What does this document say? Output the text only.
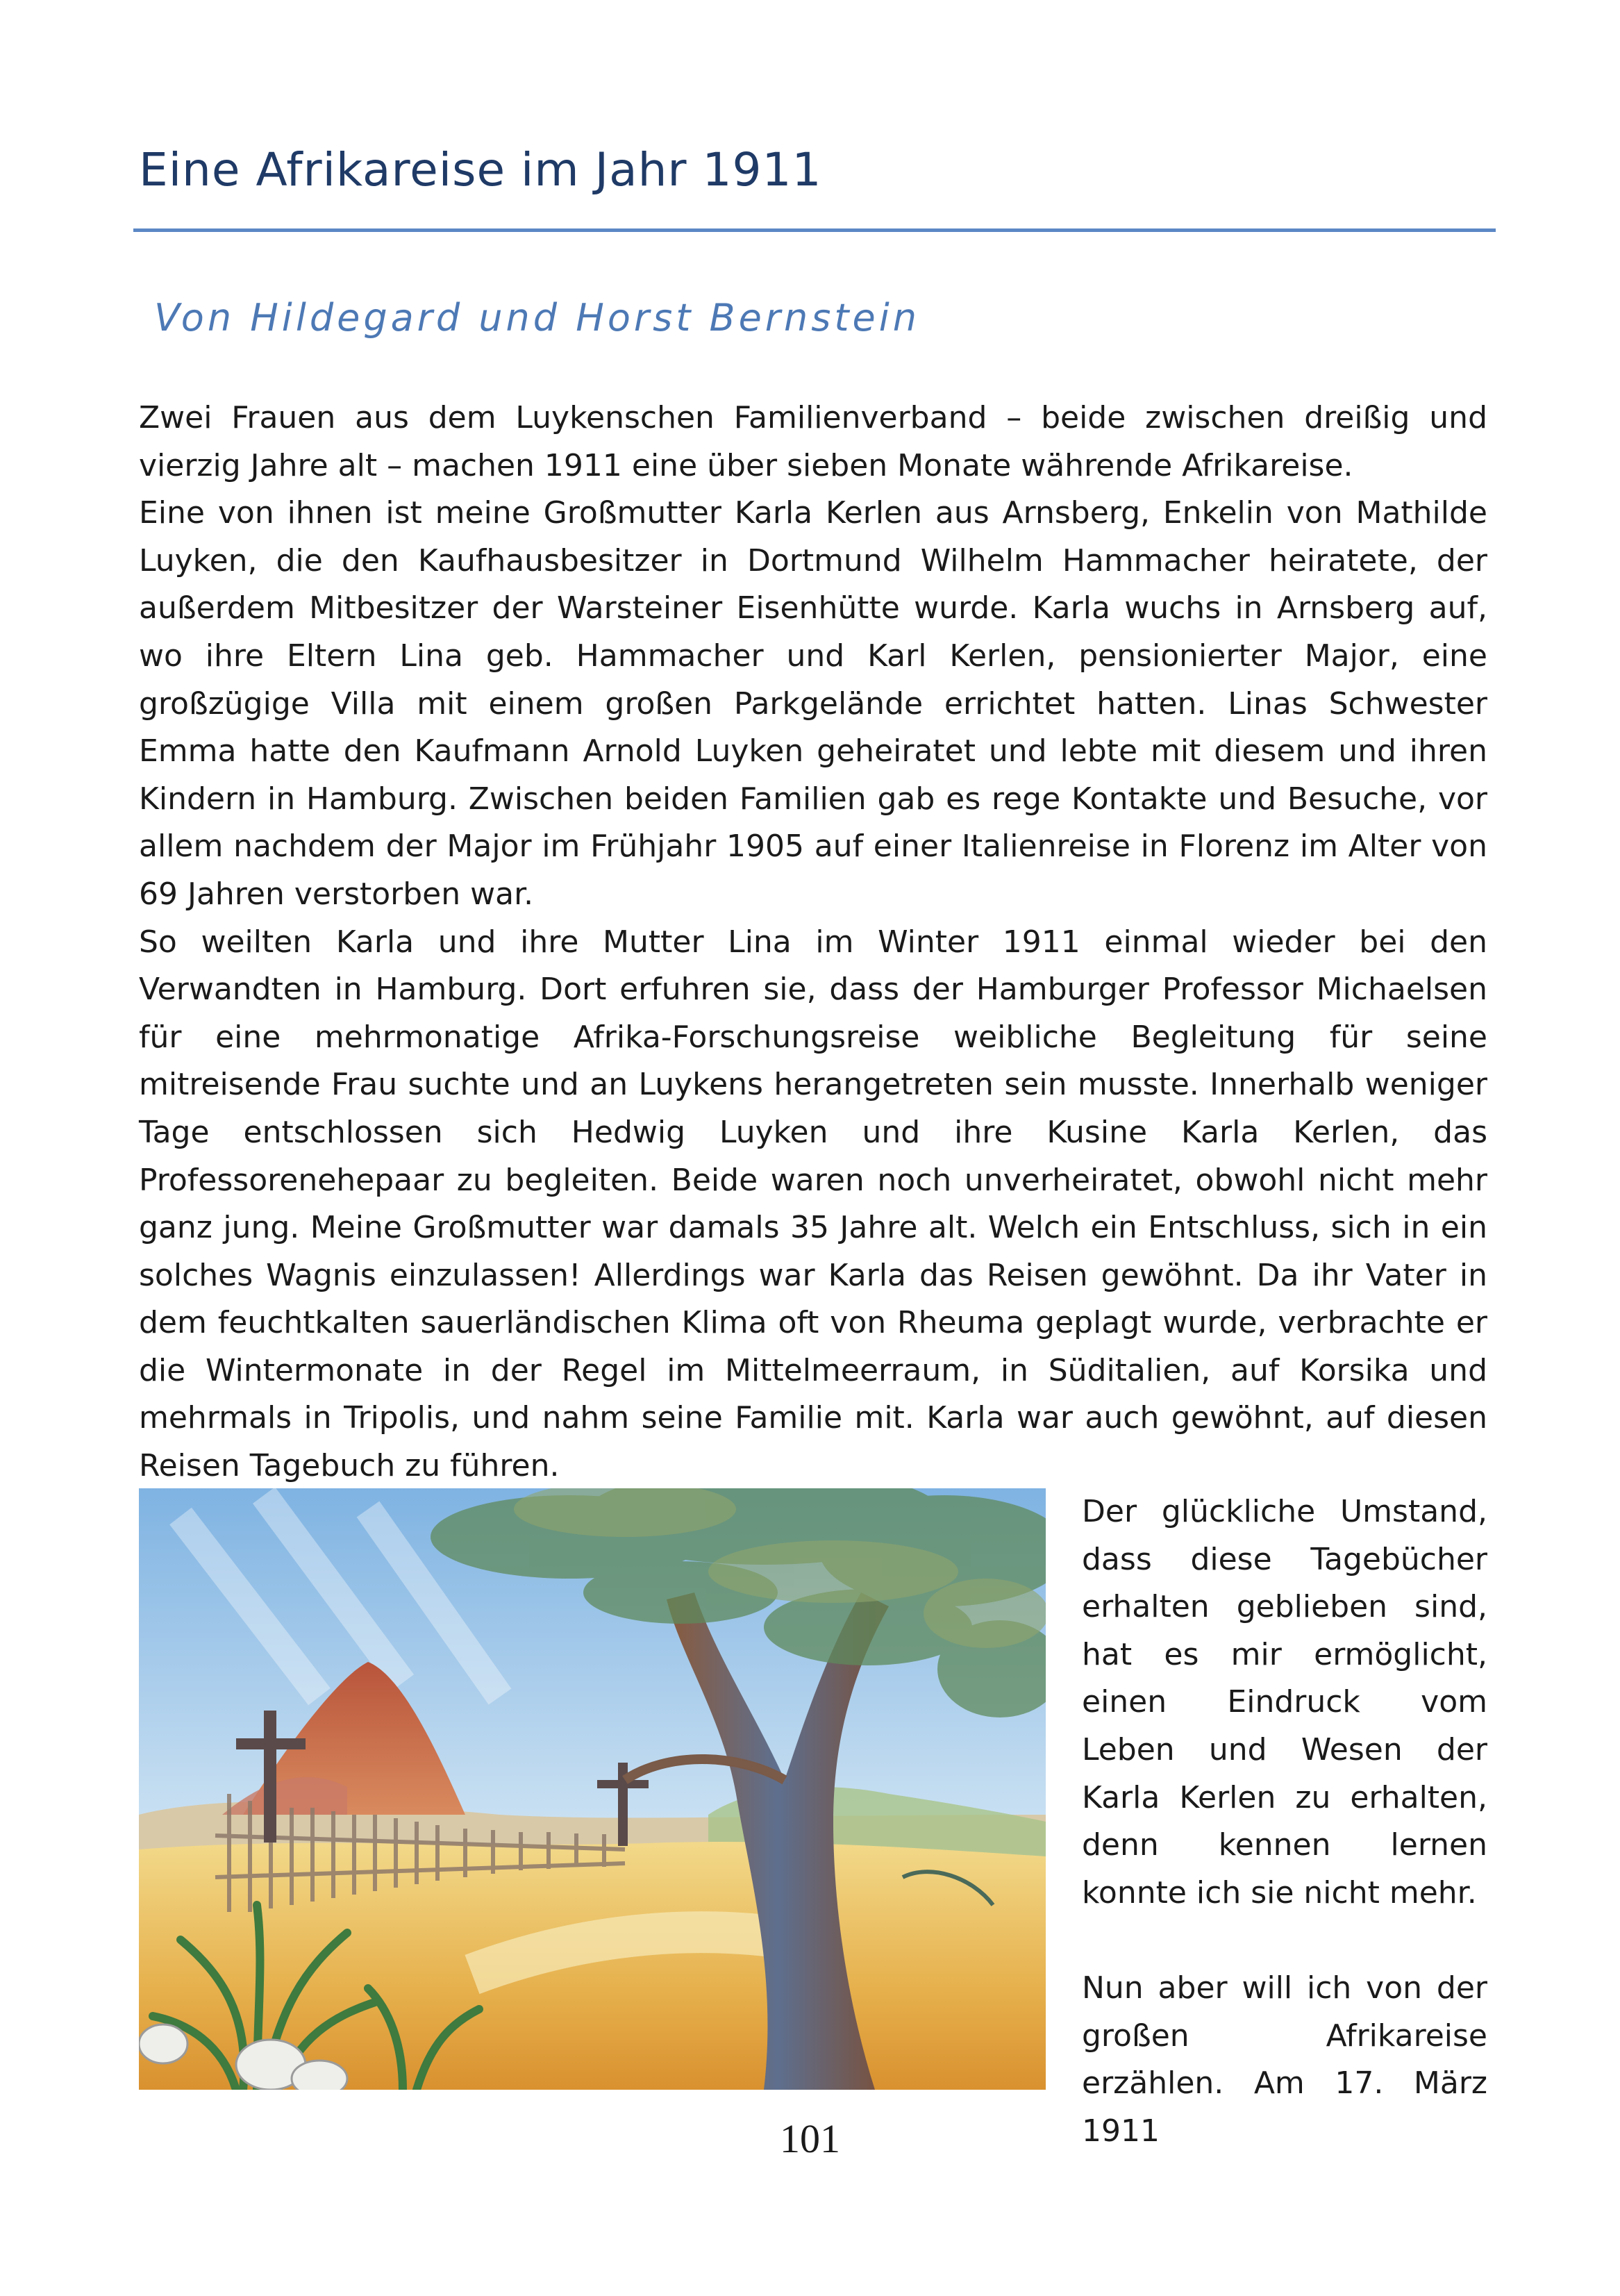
Eine Afrikareise im Jahr 1911
Von Hildegard und Horst Bernstein

Zwei Frauen aus dem Luykenschen Familienverband – beide zwischen dreißig und vierzig Jahre alt – machen 1911 eine über sieben Monate währende Afrikareise.

Eine von ihnen ist meine Großmutter Karla Kerlen aus Arnsberg, Enkelin von Mathilde Luyken, die den Kaufhausbesitzer in Dortmund Wilhelm Hammacher heiratete, der außerdem Mitbesitzer der Warsteiner Eisenhütte wurde. Karla wuchs in Arnsberg auf, wo ihre Eltern Lina geb. Hammacher und Karl Kerlen, pensionierter Major, eine großzügige Villa mit einem großen Parkgelände errichtet hatten. Linas Schwester Emma hatte den Kaufmann Arnold Luyken geheiratet und lebte mit diesem und ihren Kindern in Hamburg. Zwischen beiden Familien gab es rege Kontakte und Besuche, vor allem nachdem der Major im Frühjahr 1905 auf einer Italienreise in Florenz im Alter von 69 Jahren verstorben war.

So weilten Karla und ihre Mutter Lina im Winter 1911 einmal wieder bei den Verwandten in Hamburg. Dort erfuhren sie, dass der Hamburger Professor Michaelsen für eine mehrmonatige Afrika-Forschungsreise weibliche Begleitung für seine mitreisende Frau suchte und an Luykens herangetreten sein musste. Innerhalb weniger Tage entschlossen sich Hedwig Luyken und ihre Kusine Karla Kerlen, das Professorenehepaar zu begleiten. Beide waren noch unverheiratet, obwohl nicht mehr ganz jung. Meine Großmutter war damals 35 Jahre alt. Welch ein Entschluss, sich in ein solches Wagnis einzulassen! Allerdings war Karla das Reisen gewöhnt. Da ihr Vater in dem feuchtkalten sauerländischen Klima oft von Rheuma geplagt wurde, verbrachte er die Wintermonate in der Regel im Mittelmeerraum, in Süditalien, auf Korsika und mehrmals in Tripolis, und nahm seine Familie mit. Karla war auch gewöhnt, auf diesen Reisen Tagebuch zu führen.

Der glückliche Umstand, dass diese Tagebücher erhalten geblieben sind, hat es mir ermöglicht, einen Eindruck vom Leben und Wesen der Karla Kerlen zu erhalten, denn kennen lernen konnte ich sie nicht mehr.

Nun aber will ich von der großen Afrikareise erzählen. Am 17. März 1911

101
